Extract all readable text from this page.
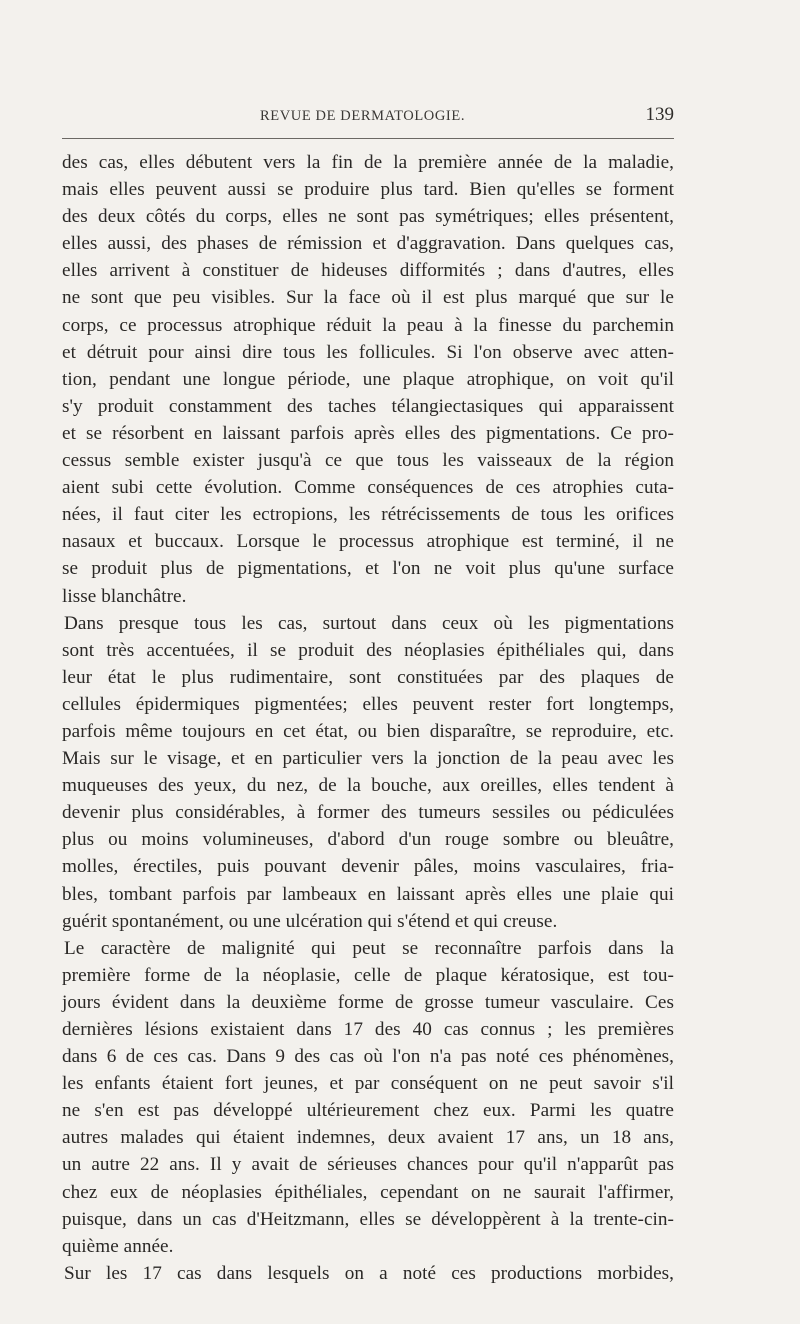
REVUE DE DERMATOLOGIE.	139
des cas, elles débutent vers la fin de la première année de la maladie,
mais elles peuvent aussi se produire plus tard. Bien qu'elles se forment
des deux côtés du corps, elles ne sont pas symétriques; elles présentent,
elles aussi, des phases de rémission et d'aggravation. Dans quelques cas,
elles arrivent à constituer de hideuses difformités ; dans d'autres, elles
ne sont que peu visibles. Sur la face où il est plus marqué que sur le
corps, ce processus atrophique réduit la peau à la finesse du parchemin
et détruit pour ainsi dire tous les follicules. Si l'on observe avec atten-
tion, pendant une longue période, une plaque atrophique, on voit qu'il
s'y produit constamment des taches télangiectasiques qui apparaissent
et se résorbent en laissant parfois après elles des pigmentations. Ce pro-
cessus semble exister jusqu'à ce que tous les vaisseaux de la région
aient subi cette évolution. Comme conséquences de ces atrophies cuta-
nées, il faut citer les ectropions, les rétrécissements de tous les orifices
nasaux et buccaux. Lorsque le processus atrophique est terminé, il ne
se produit plus de pigmentations, et l'on ne voit plus qu'une surface
lisse blanchâtre.
Dans presque tous les cas, surtout dans ceux où les pigmentations
sont très accentuées, il se produit des néoplasies épithéliales qui, dans
leur état le plus rudimentaire, sont constituées par des plaques de
cellules épidermiques pigmentées; elles peuvent rester fort longtemps,
parfois même toujours en cet état, ou bien disparaître, se reproduire, etc.
Mais sur le visage, et en particulier vers la jonction de la peau avec les
muqueuses des yeux, du nez, de la bouche, aux oreilles, elles tendent à
devenir plus considérables, à former des tumeurs sessiles ou pédiculées
plus ou moins volumineuses, d'abord d'un rouge sombre ou bleuâtre,
molles, érectiles, puis pouvant devenir pâles, moins vasculaires, fria-
bles, tombant parfois par lambeaux en laissant après elles une plaie qui
guérit spontanément, ou une ulcération qui s'étend et qui creuse.
Le caractère de malignité qui peut se reconnaître parfois dans la
première forme de la néoplasie, celle de plaque kératosique, est tou-
jours évident dans la deuxième forme de grosse tumeur vasculaire. Ces
dernières lésions existaient dans 17 des 40 cas connus ; les premières
dans 6 de ces cas. Dans 9 des cas où l'on n'a pas noté ces phénomènes,
les enfants étaient fort jeunes, et par conséquent on ne peut savoir s'il
ne s'en est pas développé ultérieurement chez eux. Parmi les quatre
autres malades qui étaient indemnes, deux avaient 17 ans, un 18 ans,
un autre 22 ans. Il y avait de sérieuses chances pour qu'il n'apparût pas
chez eux de néoplasies épithéliales, cependant on ne saurait l'affirmer,
puisque, dans un cas d'Heitzmann, elles se développèrent à la trente-cin-
quième année.
Sur les 17 cas dans lesquels on a noté ces productions morbides,
